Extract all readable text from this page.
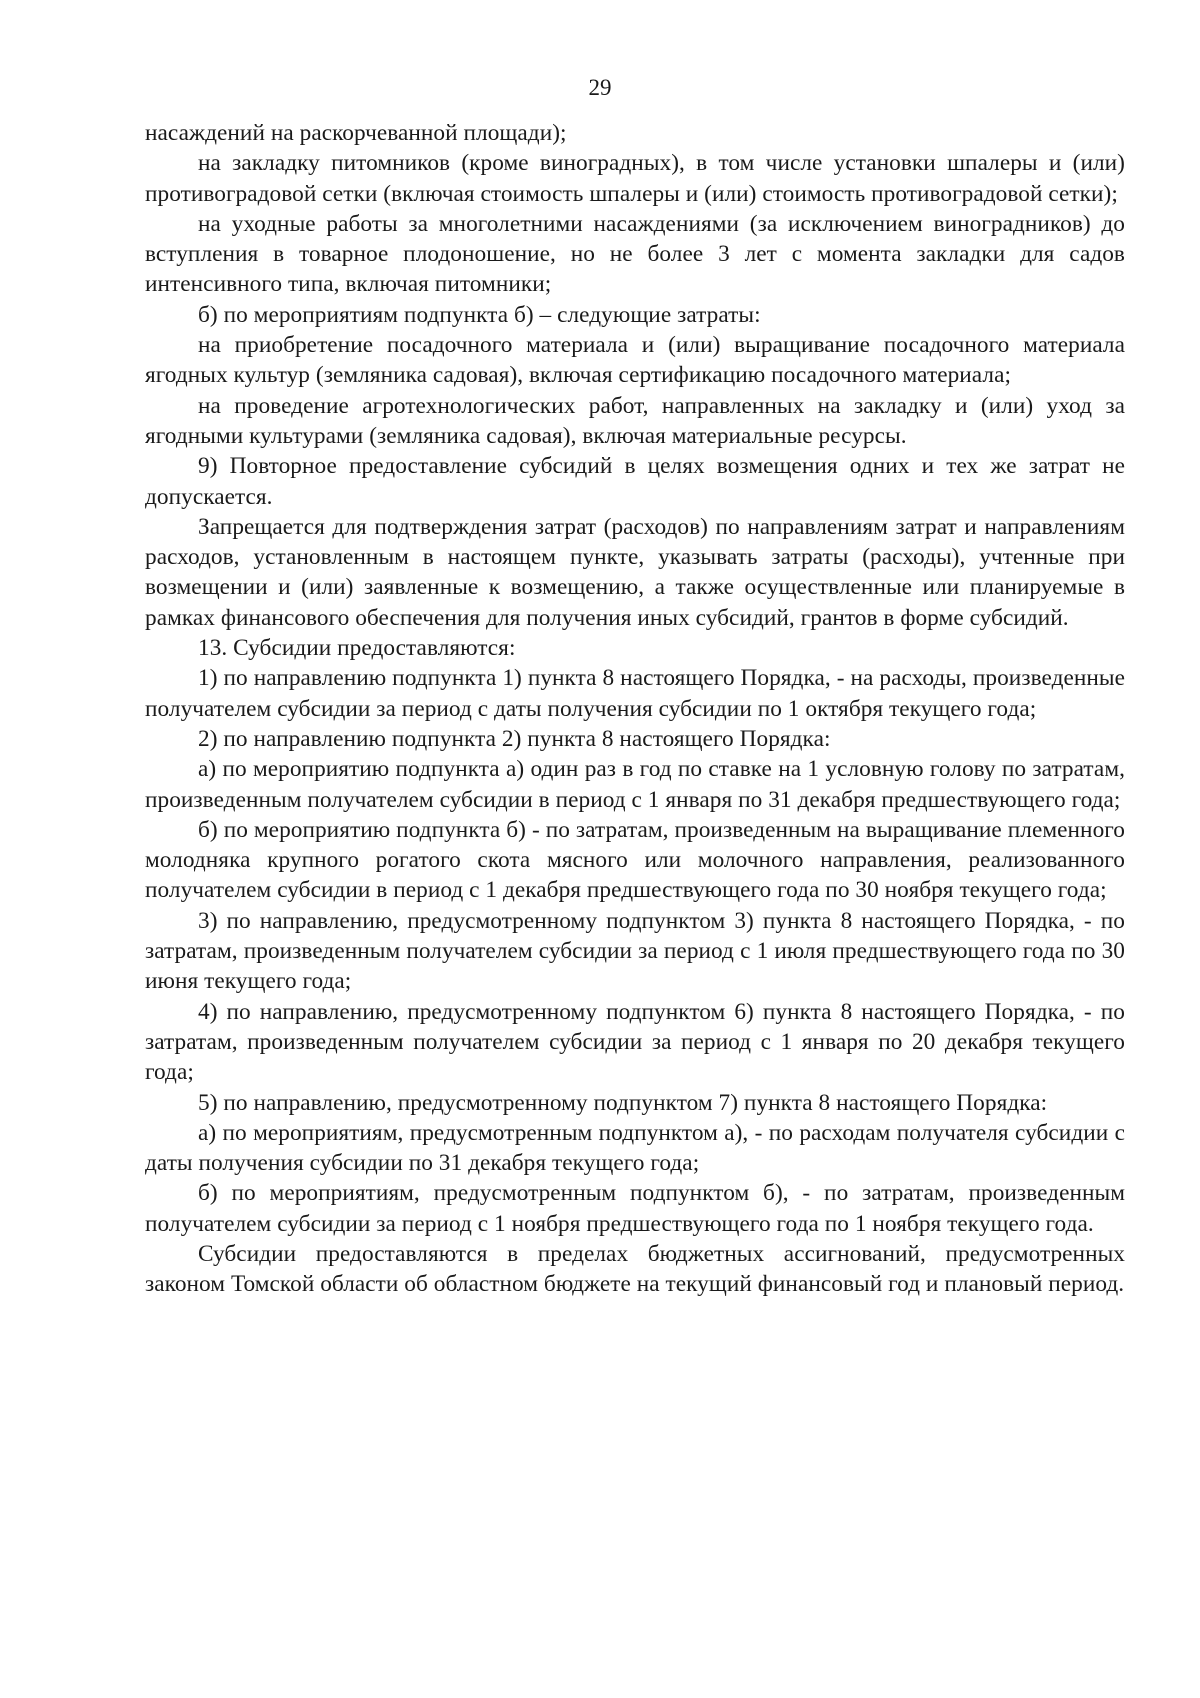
29

насаждений на раскорчеванной площади);

на закладку питомников (кроме виноградных), в том числе установки шпалеры и (или) противоградовой сетки (включая стоимость шпалеры и (или) стоимость противоградовой сетки);

на уходные работы за многолетними насаждениями (за исключением виноградников) до вступления в товарное плодоношение, но не более 3 лет с момента закладки для садов интенсивного типа, включая питомники;

б) по мероприятиям подпункта б) – следующие затраты:

на приобретение посадочного материала и (или) выращивание посадочного материала ягодных культур (земляника садовая), включая сертификацию посадочного материала;

на проведение агротехнологических работ, направленных на закладку и (или) уход за ягодными культурами (земляника садовая), включая материальные ресурсы.

9) Повторное предоставление субсидий в целях возмещения одних и тех же затрат не допускается.

Запрещается для подтверждения затрат (расходов) по направлениям затрат и направлениям расходов, установленным в настоящем пункте, указывать затраты (расходы), учтенные при возмещении и (или) заявленные к возмещению, а также осуществленные или планируемые в рамках финансового обеспечения для получения иных субсидий, грантов в форме субсидий.

13. Субсидии предоставляются:

1) по направлению подпункта 1) пункта 8 настоящего Порядка, - на расходы, произведенные получателем субсидии за период с даты получения субсидии по 1 октября текущего года;

2) по направлению подпункта 2) пункта 8 настоящего Порядка:

а) по мероприятию подпункта а) один раз в год по ставке на 1 условную голову по затратам, произведенным получателем субсидии в период с 1 января по 31 декабря предшествующего года;

б) по мероприятию подпункта б) - по затратам, произведенным на выращивание племенного молодняка крупного рогатого скота мясного или молочного направления, реализованного получателем субсидии в период с 1 декабря предшествующего года по 30 ноября текущего года;

3) по направлению, предусмотренному подпунктом 3) пункта 8 настоящего Порядка, - по затратам, произведенным получателем субсидии за период с 1 июля предшествующего года по 30 июня текущего года;

4) по направлению, предусмотренному подпунктом 6) пункта 8 настоящего Порядка, - по затратам, произведенным получателем субсидии за период с 1 января по 20 декабря текущего года;

5) по направлению, предусмотренному подпунктом 7) пункта 8 настоящего Порядка:

а) по мероприятиям, предусмотренным подпунктом а), - по расходам получателя субсидии с даты получения субсидии по 31 декабря текущего года;

б) по мероприятиям, предусмотренным подпунктом б), - по затратам, произведенным получателем субсидии за период с 1 ноября предшествующего года по 1 ноября текущего года.

Субсидии предоставляются в пределах бюджетных ассигнований, предусмотренных законом Томской области об областном бюджете на текущий финансовый год и плановый период.
